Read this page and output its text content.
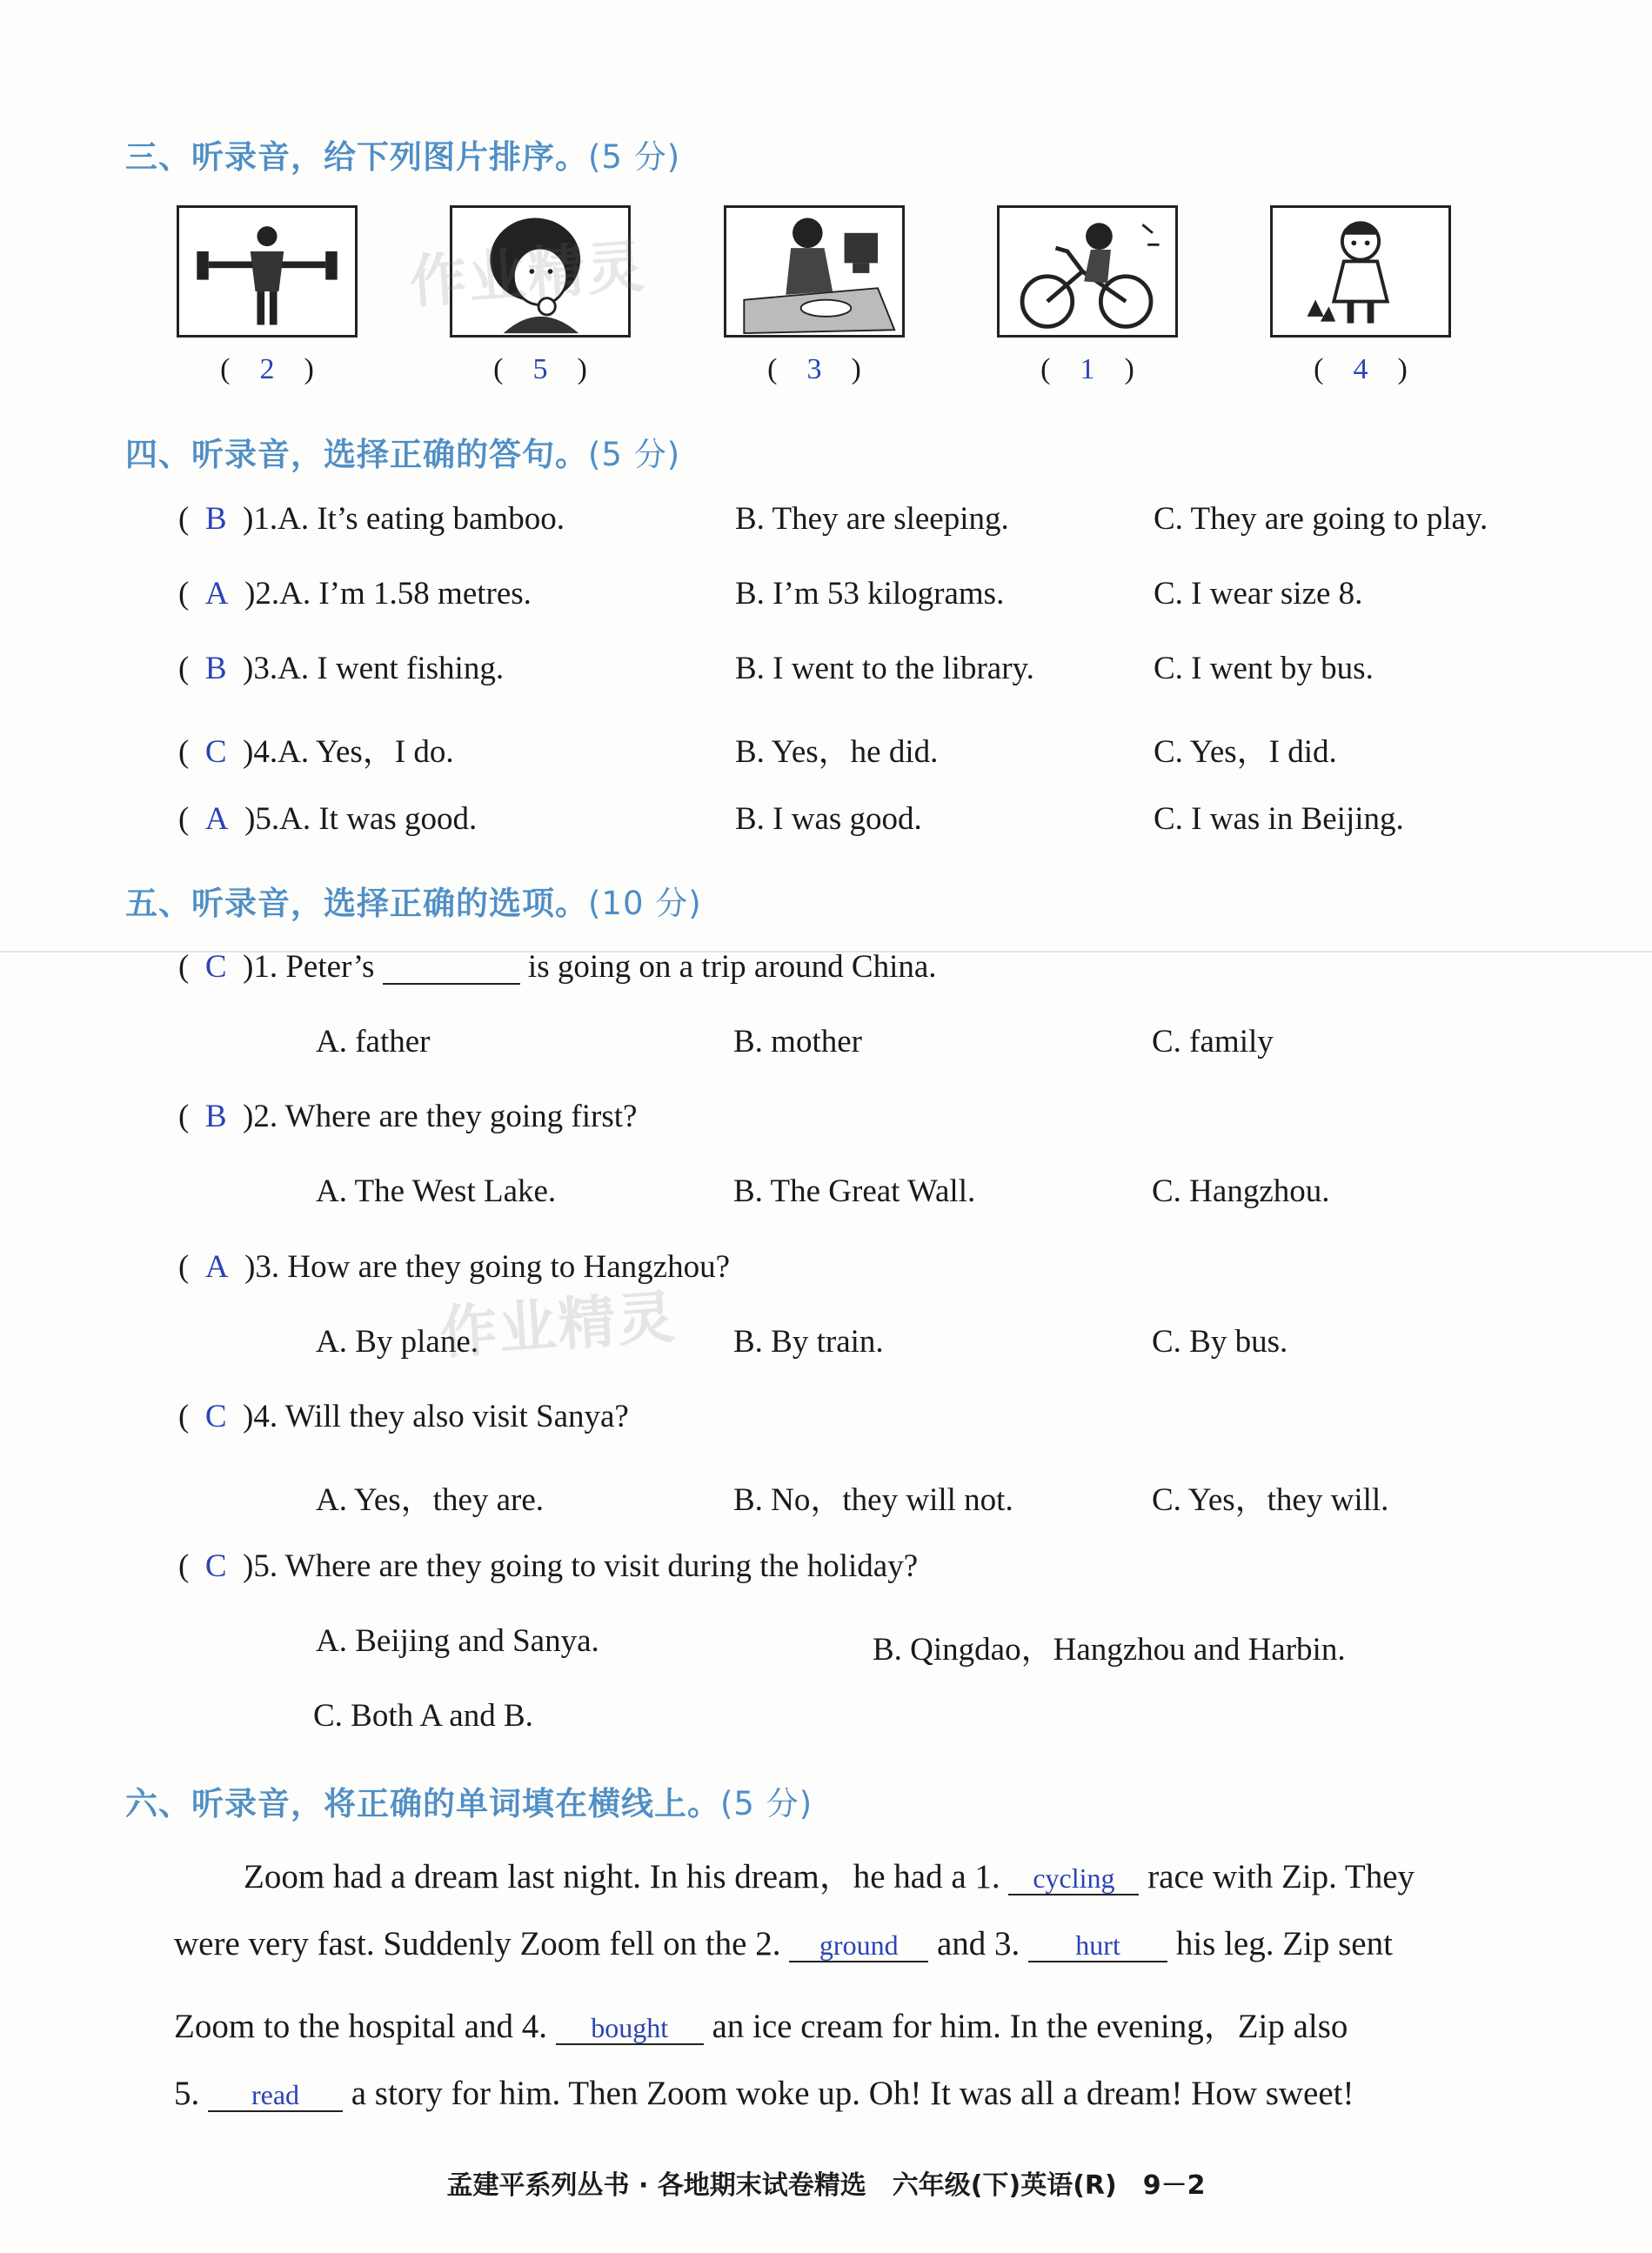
三、听录音，给下列图片排序。(5 分)
(　2　)	(　5　)	(　3　)	(　1　)	(　4　)
四、听录音，选择正确的答句。(5 分)
(  B )1.A. It’s eating bamboo.	B. They are sleeping.	C. They are going to play.
(  A )2.A. I’m 1.58 metres.	B. I’m 53 kilograms.	C. I wear size 8.
(  B )3.A. I went fishing.	B. I went to the library.	C. I went by bus.
(  C )4.A. Yes，I do.	B. Yes，he did.	C. Yes，I did.
(  A )5.A. It was good.	B. I was good.	C. I was in Beijing.
五、听录音，选择正确的选项。(10 分)
(  C )1. Peter’s	is going on a trip around China.
A. father	B. mother	C. family
(  B )2. Where are they going first?
A. The West Lake.	B. The Great Wall.	C. Hangzhou.
(  A )3. How are they going to Hangzhou?
A. By plane.	B. By train.	C. By bus.
(  C )4. Will they also visit Sanya?
A. Yes，they are.	B. No，they will not.	C. Yes，they will.
(  C )5. Where are they going to visit during the holiday?
A. Beijing and Sanya.	B. Qingdao，Hangzhou and Harbin.
C. Both A and B.
六、听录音，将正确的单词填在横线上。(5 分)
Zoom had a dream last night. In his dream，he had a 1. cycling race with Zip. They
were very fast. Suddenly Zoom fell on the 2. ground and 3. hurt his leg. Zip sent
Zoom to the hospital and 4. bought an ice cream for him. In the evening，Zip also
5. read a story for him. Then Zoom woke up. Oh! It was all a dream! How sweet!
作业精灵
孟建平系列丛书 · 各地期末试卷精选　六年级(下)英语(R)　9－2
